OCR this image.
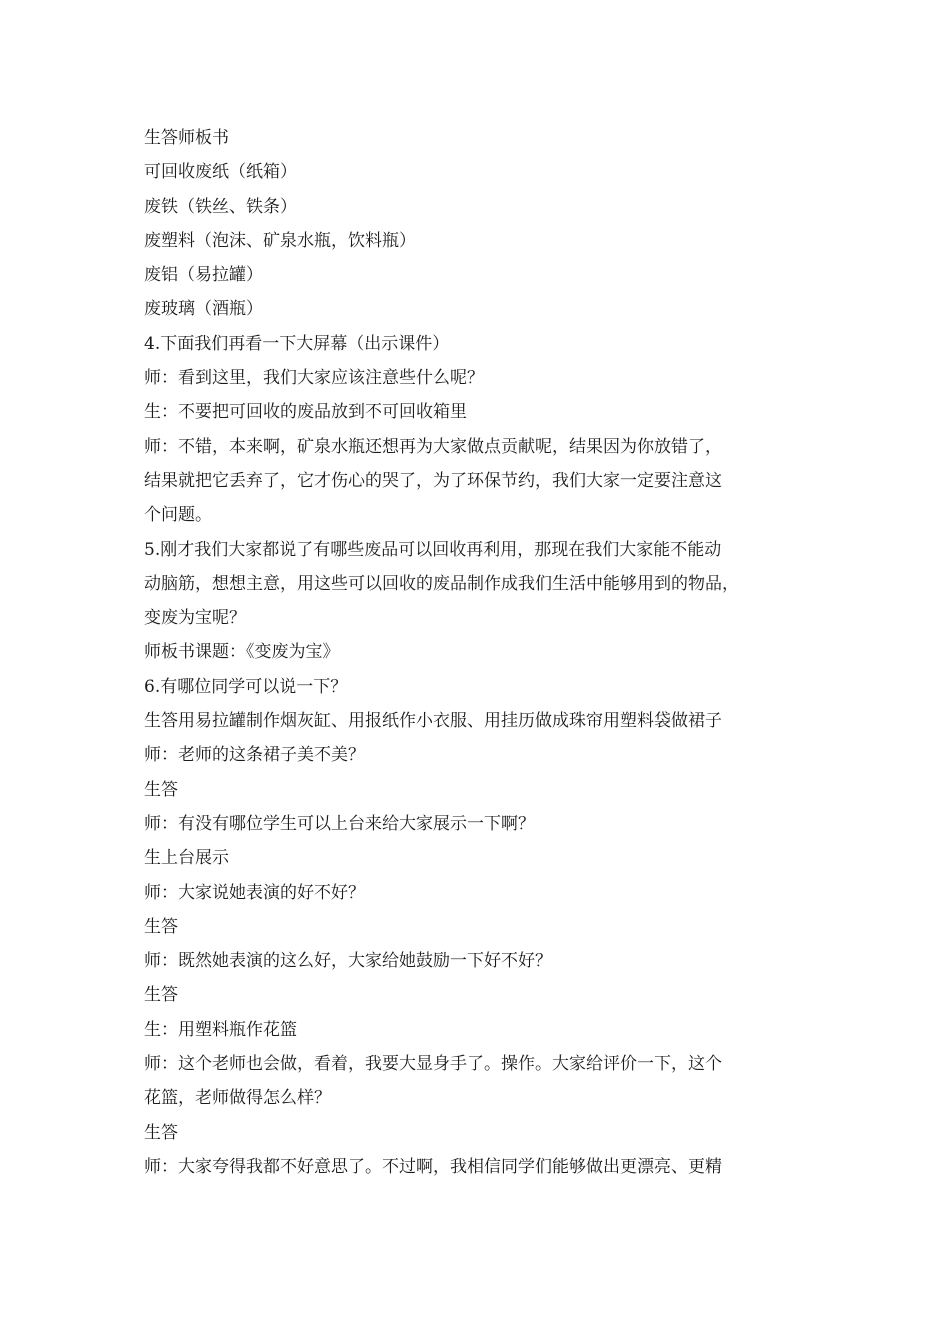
生答师板书
可回收废纸（纸箱）
废铁（铁丝、铁条）
废塑料（泡沫、矿泉水瓶，饮料瓶）
废铝（易拉罐）
废玻璃（酒瓶）
4.下面我们再看一下大屏幕（出示课件）
师：看到这里，我们大家应该注意些什么呢？
生：不要把可回收的废品放到不可回收箱里
师：不错，本来啊，矿泉水瓶还想再为大家做点贡献呢，结果因为你放错了，
结果就把它丢弃了，它才伤心的哭了，为了环保节约，我们大家一定要注意这
个问题。
5.刚才我们大家都说了有哪些废品可以回收再利用，那现在我们大家能不能动
动脑筋，想想主意，用这些可以回收的废品制作成我们生活中能够用到的物品，
变废为宝呢？
师板书课题：《变废为宝》
6.有哪位同学可以说一下？
生答用易拉罐制作烟灰缸、用报纸作小衣服、用挂历做成珠帘用塑料袋做裙子
师：老师的这条裙子美不美？
生答
师：有没有哪位学生可以上台来给大家展示一下啊？
生上台展示
师：大家说她表演的好不好？
生答
师：既然她表演的这么好，大家给她鼓励一下好不好？
生答
生：用塑料瓶作花篮
师：这个老师也会做，看着，我要大显身手了。操作。大家给评价一下，这个
花篮，老师做得怎么样？
生答
师：大家夸得我都不好意思了。不过啊，我相信同学们能够做出更漂亮、更精
